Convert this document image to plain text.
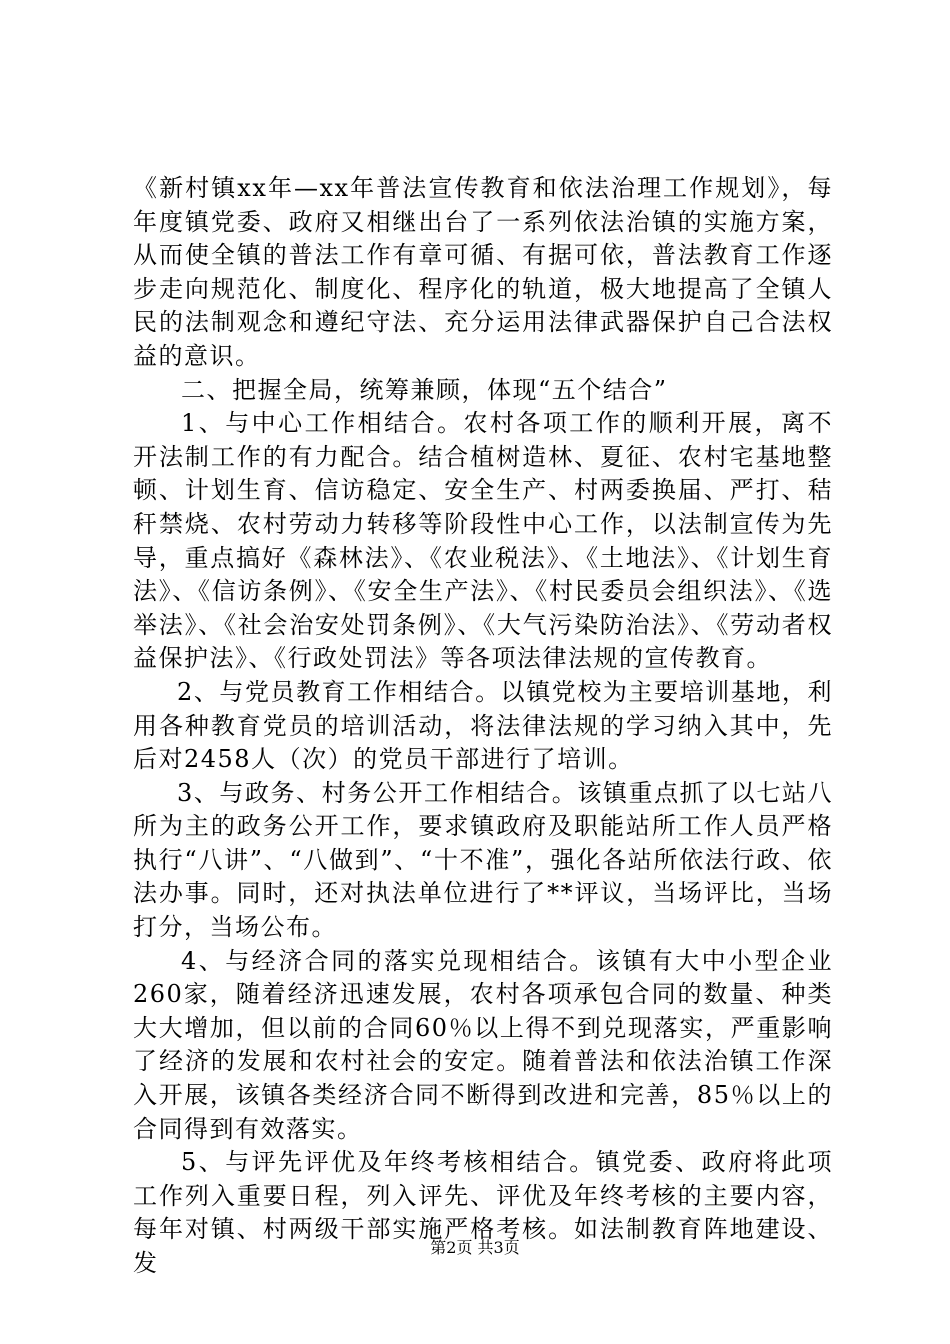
《新村镇xx年—xx年普法宣传教育和依法治理工作规划》，每年度镇党委、政府又相继出台了一系列依法治镇的实施方案，从而使全镇的普法工作有章可循、有据可依，普法教育工作逐步走向规范化、制度化、程序化的轨道，极大地提高了全镇人民的法制观念和遵纪守法、充分运用法律武器保护自己合法权益的意识。

二、把握全局，统筹兼顾，体现“五个结合”

1、与中心工作相结合。农村各项工作的顺利开展，离不开法制工作的有力配合。结合植树造林、夏征、农村宅基地整顿、计划生育、信访稳定、安全生产、村两委换届、严打、秸秆禁烧、农村劳动力转移等阶段性中心工作，以法制宣传为先导，重点搞好《森林法》、《农业税法》、《土地法》、《计划生育法》、《信访条例》、《安全生产法》、《村民委员会组织法》、《选举法》、《社会治安处罚条例》、《大气污染防治法》、《劳动者权益保护法》、《行政处罚法》等各项法律法规的宣传教育。

2、与党员教育工作相结合。以镇党校为主要培训基地，利用各种教育党员的培训活动，将法律法规的学习纳入其中，先后对2458人（次）的党员干部进行了培训。

3、与政务、村务公开工作相结合。该镇重点抓了以七站八所为主的政务公开工作，要求镇政府及职能站所工作人员严格执行“八讲”、“八做到”、“十不准”，强化各站所依法行政、依法办事。同时，还对执法单位进行了**评议，当场评比，当场打分，当场公布。

4、与经济合同的落实兑现相结合。该镇有大中小型企业260家，随着经济迅速发展，农村各项承包合同的数量、种类大大增加，但以前的合同60％以上得不到兑现落实，严重影响了经济的发展和农村社会的安定。随着普法和依法治镇工作深入开展，该镇各类经济合同不断得到改进和完善，85％以上的合同得到有效落实。

5、与评先评优及年终考核相结合。镇党委、政府将此项工作列入重要日程，列入评先、评优及年终考核的主要内容，每年对镇、村两级干部实施严格考核。如法制教育阵地建设、发

第2页 共3页
